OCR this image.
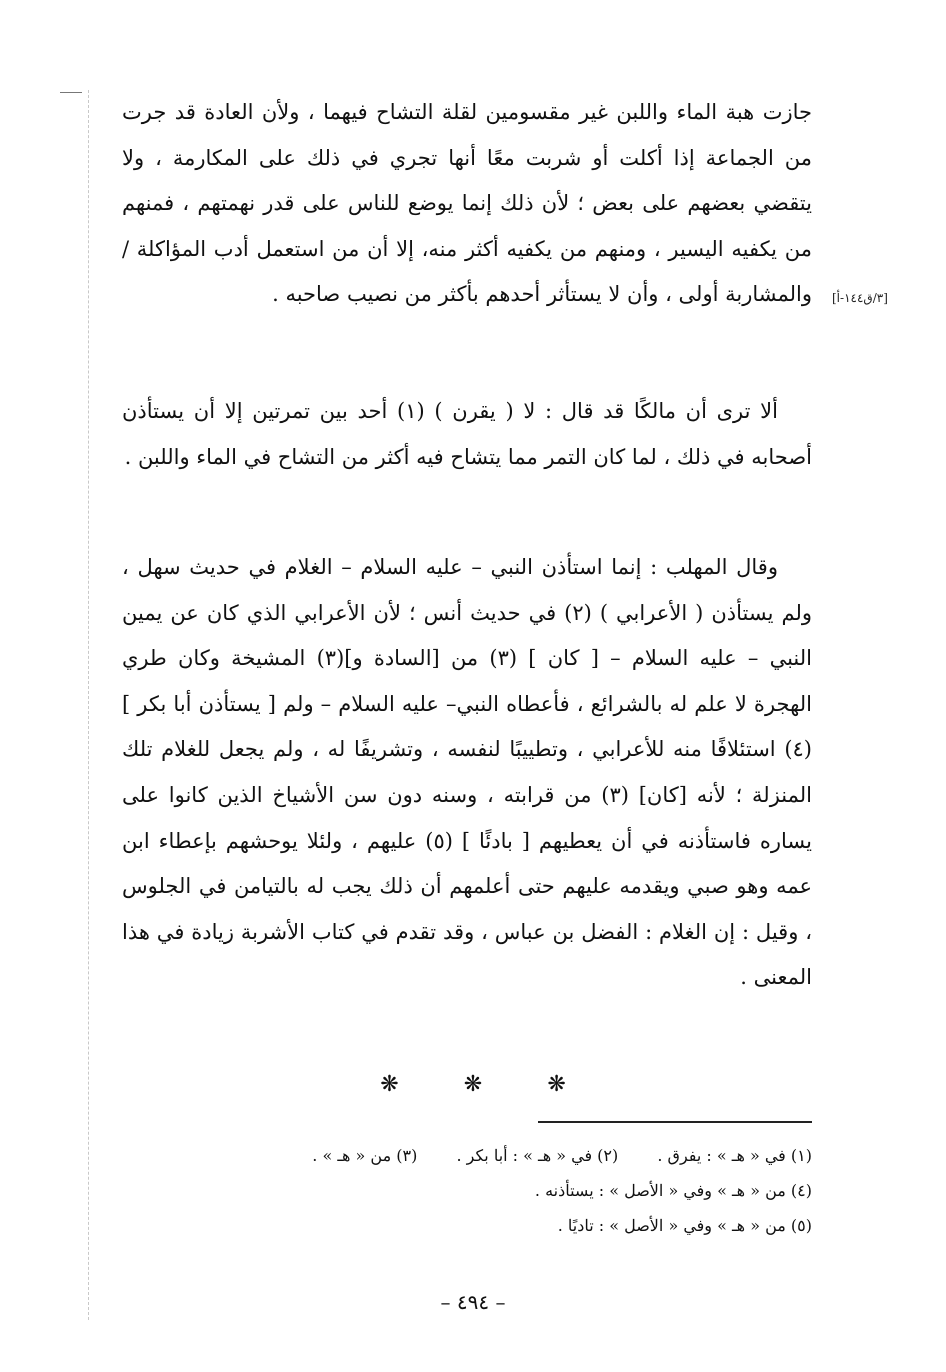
جازت هبة الماء واللبن غير مقسومين لقلة التشاح فيهما ، ولأن العادة قد جرت من الجماعة إذا أكلت أو شربت معًا أنها تجري في ذلك على المكارمة ، ولا يتقضي بعضهم على بعض ؛ لأن ذلك إنما يوضع للناس على قدر نهمتهم ، فمنهم من يكفيه اليسير ، ومنهم من يكفيه أكثر منه، إلا أن من استعمل أدب المؤاكلة / والمشاربة أولى ، وأن لا يستأثر أحدهم بأكثر من نصيب صاحبه . [٣/ق١٤٤-أ]

ألا ترى أن مالكًا قد قال : لا ( يقرن ) (١) أحد بين تمرتين إلا أن يستأذن أصحابه في ذلك ، لما كان التمر مما يتشاح فيه أكثر من التشاح في الماء واللبن .

وقال المهلب : إنما استأذن النبي – عليه السلام – الغلام في حديث سهل ، ولم يستأذن ( الأعرابي ) (٢) في حديث أنس ؛ لأن الأعرابي الذي كان عن يمين النبي – عليه السلام – [ كان ] (٣) من [السادة و](٣) المشيخة وكان طري الهجرة لا علم له بالشرائع ، فأعطاه النبي– عليه السلام – ولم [ يستأذن أبا بكر ] (٤) استئلافًا منه للأعرابي ، وتطييبًا لنفسه ، وتشريفًا له ، ولم يجعل للغلام تلك المنزلة ؛ لأنه [كان] (٣) من قرابته ، وسنه دون سن الأشياخ الذين كانوا على يساره فاستأذنه في أن يعطيهم [ بادئًا ] (٥) عليهم ، ولئلا يوحشهم بإعطاء ابن عمه وهو صبي ويقدمه عليهم حتى أعلمهم أن ذلك يجب له بالتيامن في الجلوس ، وقيل : إن الغلام : الفضل بن عباس ، وقد تقدم في كتاب الأشربة زيادة في هذا المعنى .

❋ ❋ ❋
(١) في « هـ » : يفرق . (٢) في « هـ » : أبا بكر . (٣) من « هـ » .
(٤) من « هـ » وفي « الأصل » : يستأذنه .
(٥) من « هـ » وفي « الأصل » : تاديًا .
– ٤٩٤ –
